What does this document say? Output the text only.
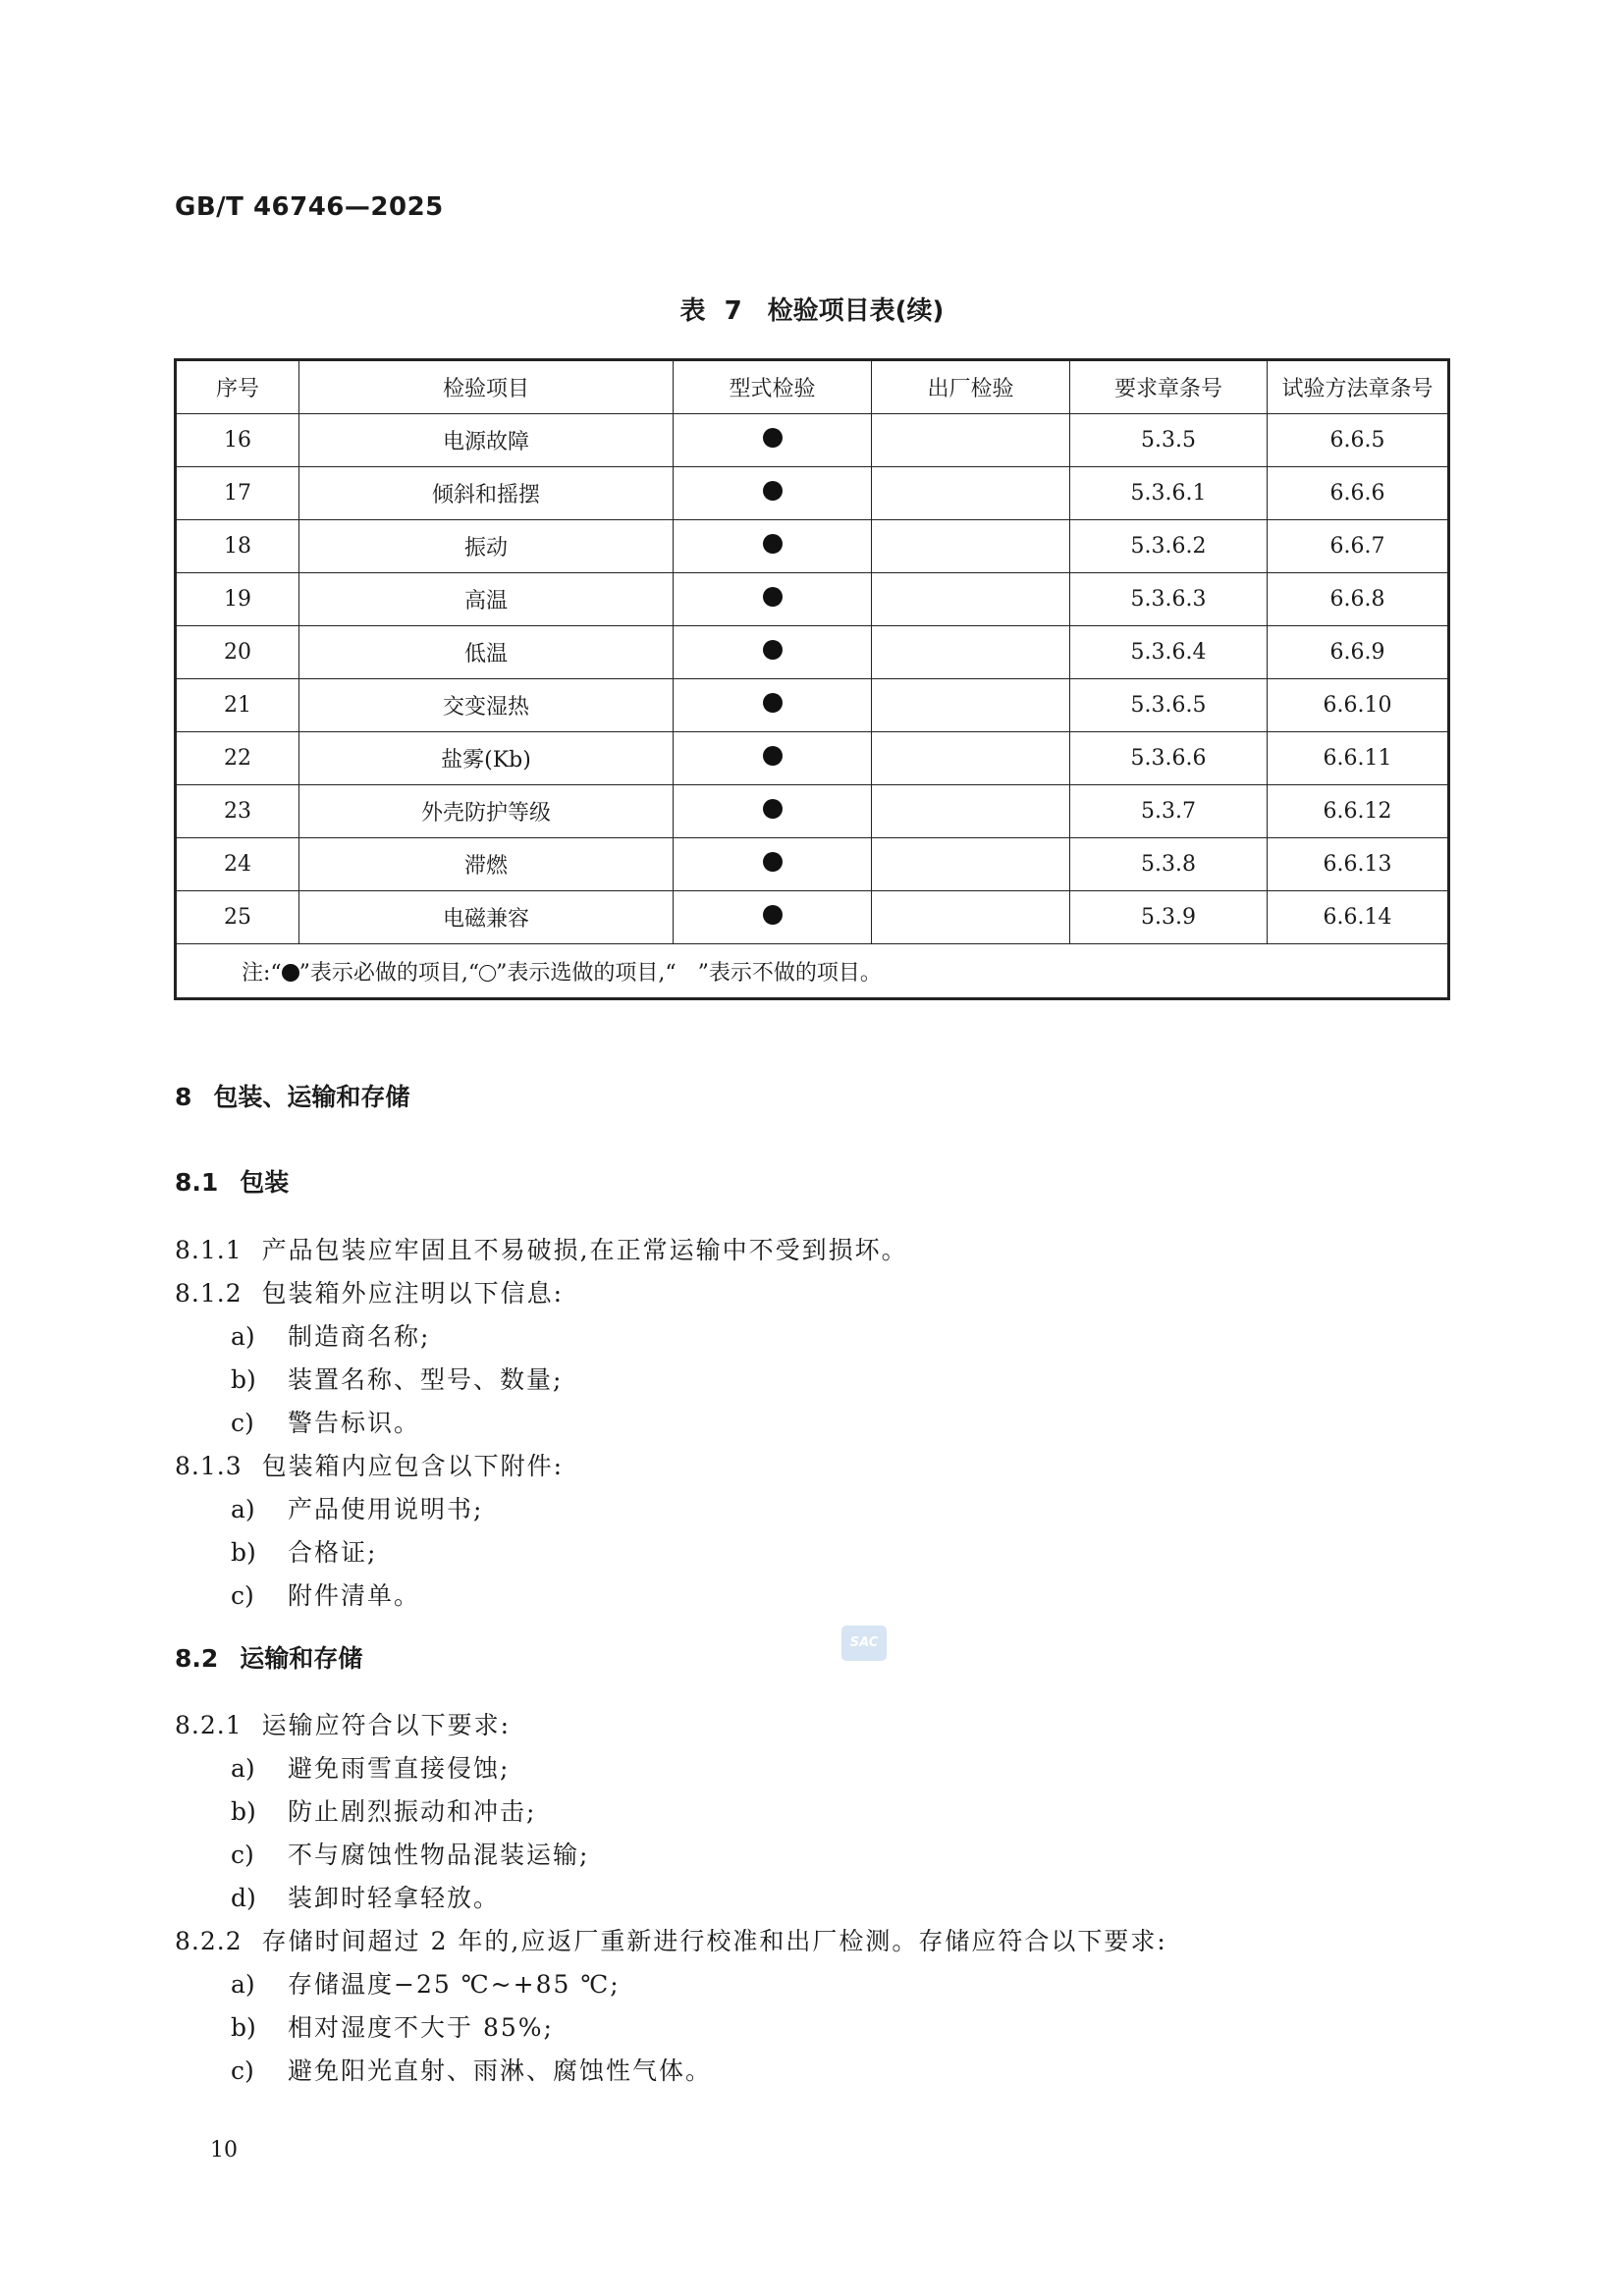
GB/T 46746—2025
表 7　检验项目表(续)
序号	检验项目	型式检验	出厂检验	要求章条号	试验方法章条号
16	电源故障			5.3.5	6.6.5
17	倾斜和摇摆			5.3.6.1	6.6.6
18	振动			5.3.6.2	6.6.7
19	高温			5.3.6.3	6.6.8
20	低温			5.3.6.4	6.6.9
21	交变湿热			5.3.6.5	6.6.10
22	盐雾(Kb)			5.3.6.6	6.6.11
23	外壳防护等级			5.3.7	6.6.12
24	滞燃			5.3.8	6.6.13
25	电磁兼容			5.3.9	6.6.14
注:“ ”表示必做的项目,“ ”表示选做的项目,“　”表示不做的项目。					
8 包装、运输和存储
8.1 包装
8.1.1 产品包装应牢固且不易破损,在正常运输中不受到损坏。
8.1.2 包装箱外应注明以下信息:
a) 制造商名称;
b) 装置名称、型号、数量;
c) 警告标识。
8.1.3 包装箱内应包含以下附件:
a) 产品使用说明书;
b) 合格证;
c) 附件清单。
8.2 运输和存储
8.2.1 运输应符合以下要求:
a) 避免雨雪直接侵蚀;
b) 防止剧烈振动和冲击;
c) 不与腐蚀性物品混装运输;
d) 装卸时轻拿轻放。
8.2.2 存储时间超过 2 年的,应返厂重新进行校准和出厂检测。存储应符合以下要求:
a) 存储温度−25 ℃~+85 ℃;
b) 相对湿度不大于 85%;
c) 避免阳光直射、雨淋、腐蚀性气体。
SAC
10
